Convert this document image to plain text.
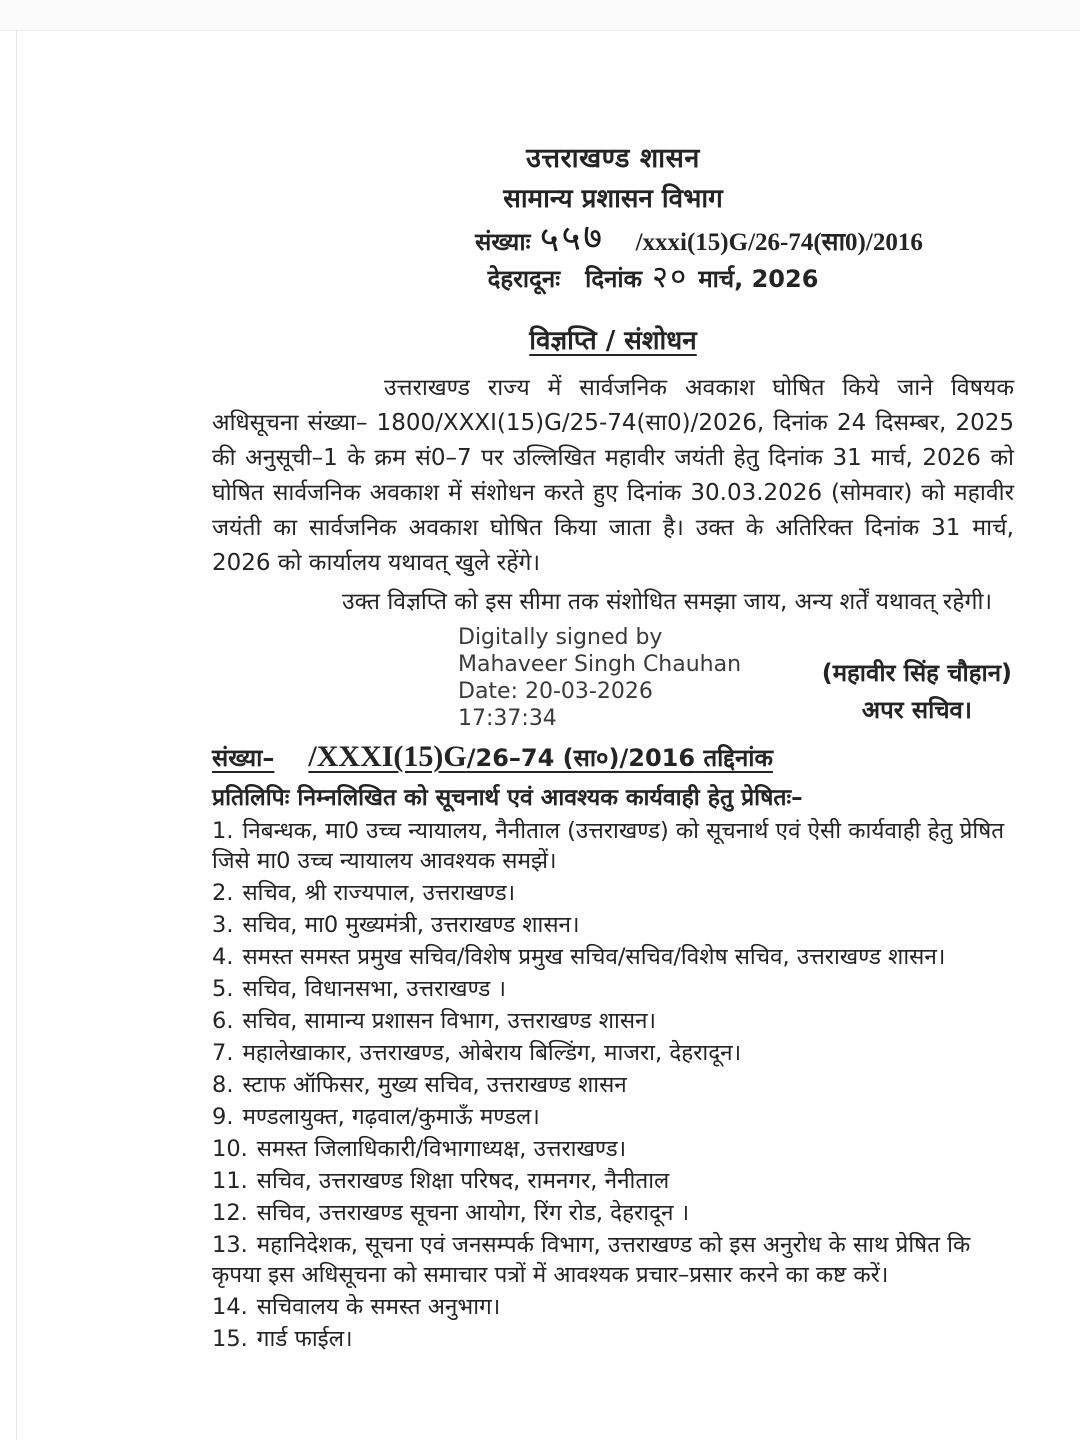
उत्तराखण्ड शासन
सामान्य प्रशासन विभाग
संख्याः ५५७ /xxxi(15)G/26-74(सा0)/2016
देहरादूनः दिनांक २० मार्च, 2026
विज्ञप्ति / संशोधन
उत्तराखण्ड राज्य में सार्वजनिक अवकाश घोषित किये जाने विषयक अधिसूचना संख्या– 1800/XXXI(15)G/25-74(सा0)/2026, दिनांक 24 दिसम्बर, 2025 की अनुसूची–1 के क्रम सं0–7 पर उल्लिखित महावीर जयंती हेतु दिनांक 31 मार्च, 2026 को घोषित सार्वजनिक अवकाश में संशोधन करते हुए दिनांक 30.03.2026 (सोमवार) को महावीर जयंती का सार्वजनिक अवकाश घोषित किया जाता है। उक्त के अतिरिक्त दिनांक 31 मार्च, 2026 को कार्यालय यथावत् खुले रहेंगे।
उक्त विज्ञप्ति को इस सीमा तक संशोधित समझा जाय, अन्य शर्तें यथावत् रहेगी।
Digitally signed by
Mahaveer Singh Chauhan
Date: 20-03-2026
17:37:34
(महावीर सिंह चौहान)
अपर सचिव।
संख्या– /XXXI(15)G/26–74 (सा०)/2016 तद्दिनांक
प्रतिलिपिः निम्नलिखित को सूचनार्थ एवं आवश्यक कार्यवाही हेतु प्रेषितः–
1. निबन्धक, मा0 उच्च न्यायालय, नैनीताल (उत्तराखण्ड) को सूचनार्थ एवं ऐसी कार्यवाही हेतु प्रेषित जिसे मा0 उच्च न्यायालय आवश्यक समझें।
2. सचिव, श्री राज्यपाल, उत्तराखण्ड।
3. सचिव, मा0 मुख्यमंत्री, उत्तराखण्ड शासन।
4. समस्त समस्त प्रमुख सचिव/विशेष प्रमुख सचिव/सचिव/विशेष सचिव, उत्तराखण्ड शासन।
5. सचिव, विधानसभा, उत्तराखण्ड ।
6. सचिव, सामान्य प्रशासन विभाग, उत्तराखण्ड शासन।
7. महालेखाकार, उत्तराखण्ड, ओबेराय बिल्डिंग, माजरा, देहरादून।
8. स्टाफ ऑफिसर, मुख्य सचिव, उत्तराखण्ड शासन
9. मण्डलायुक्त, गढ़वाल/कुमाऊँ मण्डल।
10. समस्त जिलाधिकारी/विभागाध्यक्ष, उत्तराखण्ड।
11. सचिव, उत्तराखण्ड शिक्षा परिषद, रामनगर, नैनीताल
12. सचिव, उत्तराखण्ड सूचना आयोग, रिंग रोड, देहरादून ।
13. महानिदेशक, सूचना एवं जनसम्पर्क विभाग, उत्तराखण्ड को इस अनुरोध के साथ प्रेषित कि कृपया इस अधिसूचना को समाचार पत्रों में आवश्यक प्रचार–प्रसार करने का कष्ट करें।
14. सचिवालय के समस्त अनुभाग।
15. गार्ड फाईल।
